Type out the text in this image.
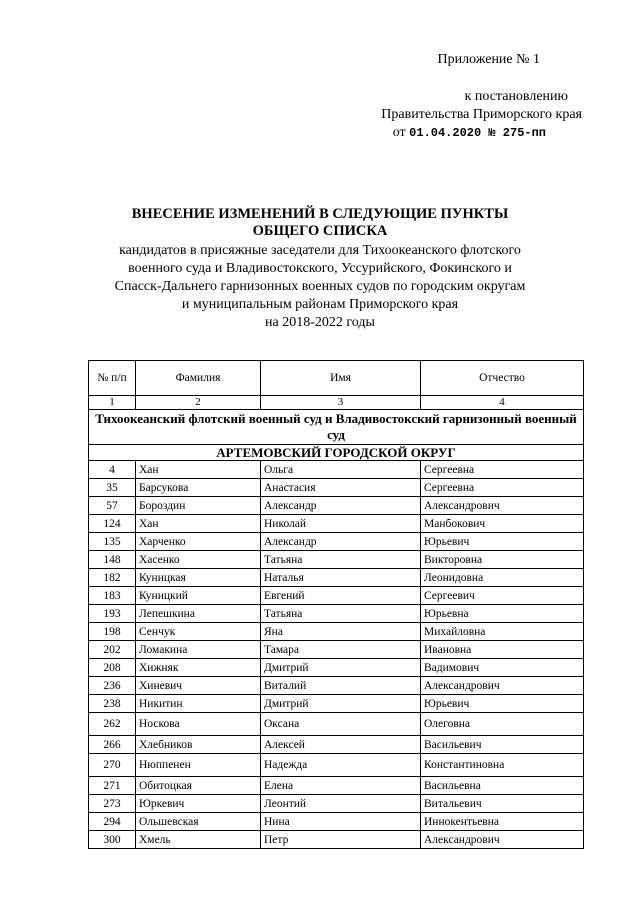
Приложение № 1
к постановлению
Правительства Приморского края
от 01.04.2020 № 275-пп
ВНЕСЕНИЕ ИЗМЕНЕНИЙ В СЛЕДУЮЩИЕ ПУНКТЫ
ОБЩЕГО СПИСКА
кандидатов в присяжные заседатели для Тихоокеанского флотского
военного суда и Владивостокского, Уссурийского, Фокинского и
Спасск-Дальнего гарнизонных военных судов по городским округам
и муниципальным районам Приморского края
на 2018-2022 годы
№ п/п	Фамилия	Имя	Отчество
1	2	3	4
Тихоокеанский флотский военный суд и Владивостокский гарнизонный военный суд			
АРТЕМОВСКИЙ ГОРОДСКОЙ ОКРУГ			
4	Хан	Ольга	Сергеевна
35	Барсукова	Анастасия	Сергеевна
57	Бороздин	Александр	Александрович
124	Хан	Николай	Манбокович
135	Харченко	Александр	Юрьевич
148	Хасенко	Татьяна	Викторовна
182	Куницкая	Наталья	Леонидовна
183	Куницкий	Евгений	Сергеевич
193	Лепешкина	Татьяна	Юрьевна
198	Сенчук	Яна	Михайловна
202	Ломакина	Тамара	Ивановна
208	Хижняк	Дмитрий	Вадимович
236	Хиневич	Виталий	Александрович
238	Никитин	Дмитрий	Юрьевич
262	Носкова	Оксана	Олеговна
266	Хлебников	Алексей	Васильевич
270	Нюппенен	Надежда	Константиновна
271	Обитоцкая	Елена	Васильевна
273	Юркевич	Леонтий	Витальевич
294	Ольшевская	Нина	Иннокентьевна
300	Хмель	Петр	Александрович
